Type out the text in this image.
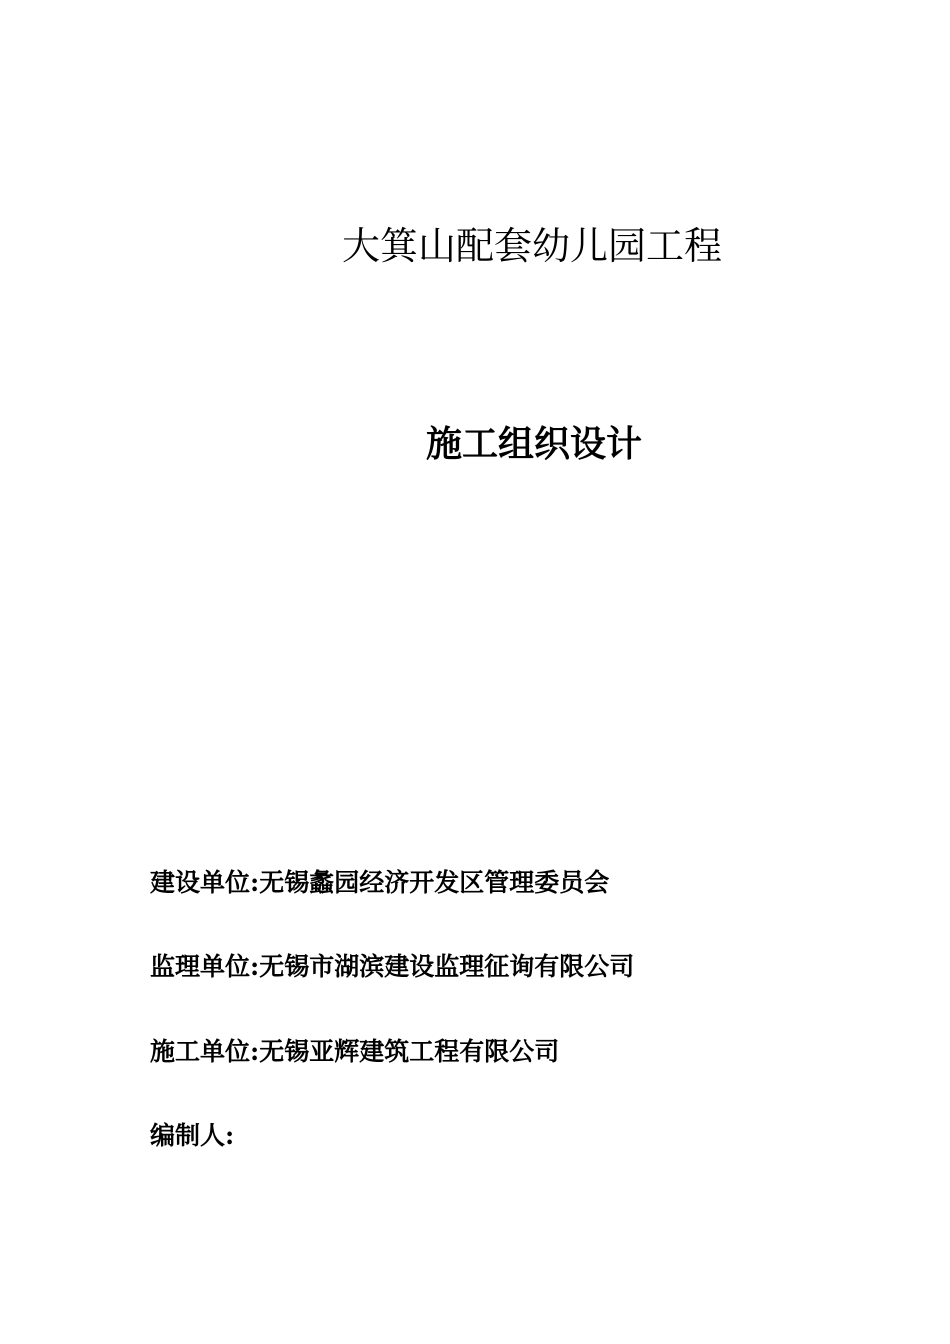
大箕山配套幼儿园工程
施工组织设计
建设单位:无锡蠡园经济开发区管理委员会
监理单位:无锡市湖滨建设监理征询有限公司
施工单位:无锡亚辉建筑工程有限公司
编制人:
